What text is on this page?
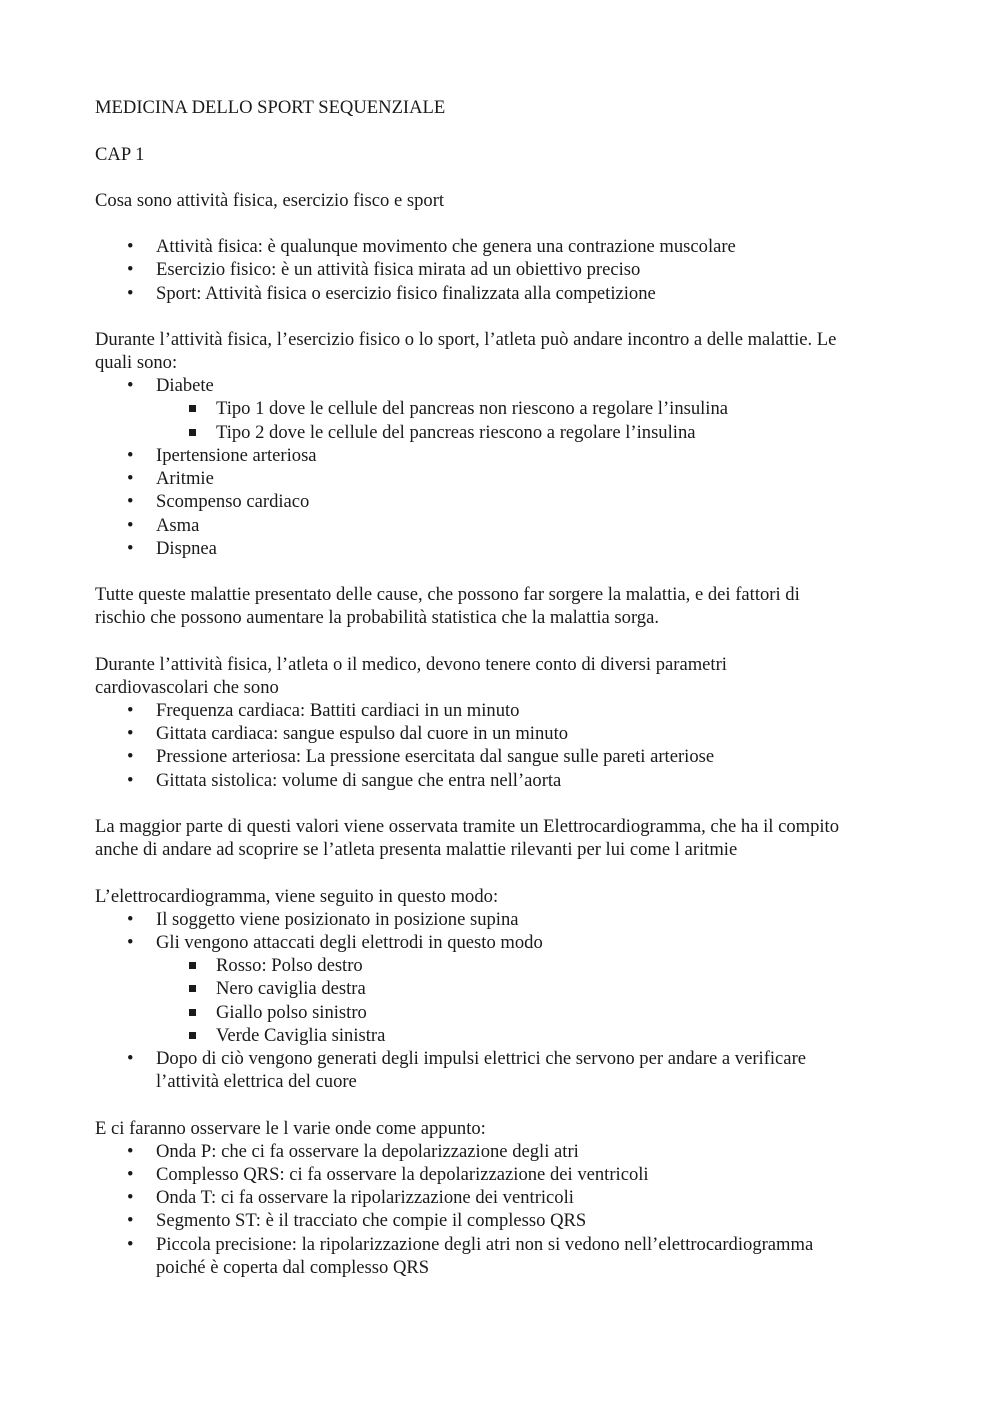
MEDICINA DELLO SPORT SEQUENZIALE

CAP 1

Cosa sono attività fisica, esercizio fisco e sport

•	Attività fisica: è qualunque movimento che genera una contrazione muscolare
•	Esercizio fisico: è un attività fisica mirata ad un obiettivo preciso
•	Sport: Attività fisica o esercizio fisico finalizzata alla competizione

Durante l’attività fisica, l’esercizio fisico o lo sport, l’atleta può andare incontro a delle malattie. Le

quali sono:

•	Diabete
Tipo 1 dove le cellule del pancreas non riescono a regolare l’insulina
Tipo 2 dove le cellule del pancreas riescono a regolare l’insulina
•	Ipertensione arteriosa
•	Aritmie
•	Scompenso cardiaco
•	Asma
•	Dispnea

Tutte queste malattie presentato delle cause, che possono far sorgere la malattia, e dei fattori di

rischio che possono aumentare la probabilità statistica che la malattia sorga.

Durante l’attività fisica, l’atleta o il medico, devono tenere conto di diversi parametri

cardiovascolari che sono

•	Frequenza cardiaca: Battiti cardiaci in un minuto
•	Gittata cardiaca: sangue espulso dal cuore in un minuto
•	Pressione arteriosa: La pressione esercitata dal sangue sulle pareti arteriose
•	Gittata sistolica: volume di sangue che entra nell’aorta

La maggior parte di questi valori viene osservata tramite un Elettrocardiogramma, che ha il compito

anche di andare ad scoprire se l’atleta presenta malattie rilevanti per lui come l aritmie

L’elettrocardiogramma, viene seguito in questo modo:

•	Il soggetto viene posizionato in posizione supina
•	Gli vengono attaccati degli elettrodi in questo modo
Rosso: Polso destro
Nero caviglia destra
Giallo polso sinistro
Verde Caviglia sinistra
•	Dopo di ciò vengono generati degli impulsi elettrici che servono per andare a verificare
l’attività elettrica del cuore

E ci faranno osservare le l varie onde come appunto:

•	Onda P: che ci fa osservare la depolarizzazione degli atri
•	Complesso QRS: ci fa osservare la depolarizzazione dei ventricoli
•	Onda T: ci fa osservare la ripolarizzazione dei ventricoli
•	Segmento ST: è il tracciato che compie il complesso QRS
•	Piccola precisione: la ripolarizzazione degli atri non si vedono nell’elettrocardiogramma
poiché è coperta dal complesso QRS
